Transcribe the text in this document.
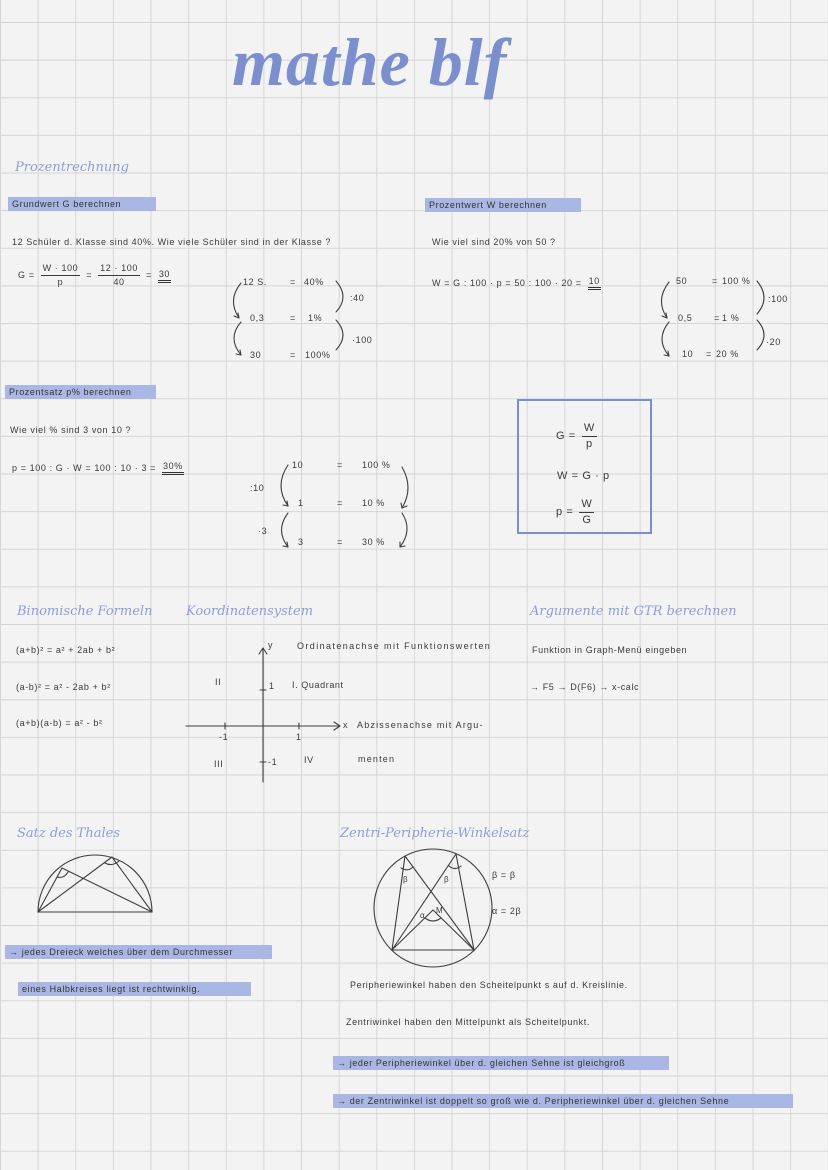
β	β
α
M
mathe blf
Prozentrechnung
Grundwert G berechnen
12 Schüler d. Klasse sind 40%. Wie viele Schüler sind in der Klasse ?
$G = \frac{W \cdot 100}{p} = \frac{12 \cdot 100}{40} = 30$
12 S.	= 40%
0,3	= 1%
30	= 100%
:40
·100
Prozentwert W berechnen
Wie viel sind 20% von 50 ?
W = G : 100 · p = 50 : 100 · 20 = 10	50	= 100 %
0,5 = 1 %
10 = 20 %
:100
·20
Prozentsatz p% berechnen
Wie viel % sind 3 von 10 ?
p = 100 : G · W = 100 : 10 · 3 = 30%	10	= 100 %
1	= 10 %
3	= 30 %
:10
·3
$G = \frac{W}{p}$
W = G · p
$p = \frac{W}{G}$
Binomische Formeln
(a+b)² = a² + 2ab + b²
(a-b)² = a² - 2ab + b²
(a+b)(a-b) = a² - b²
Koordinatensystem
y	Ordinatenachse mit Funktionswerten
II	1 I. Quadrant
x Abzissenachse mit Argu-
-1	1
III	-1	IV	menten
Argumente mit GTR berechnen
Funktion in Graph-Menü eingeben
→ F5 → D(F6) → x-calc
Satz des Thales
→ jedes Dreieck welches über dem Durchmesser
eines Halbkreises liegt ist rechtwinklig.
Zentri-Peripherie-Winkelsatz
β = β
α = 2β
Peripheriewinkel haben den Scheitelpunkt s auf d. Kreislinie.
Zentriwinkel haben den Mittelpunkt als Scheitelpunkt.
→ jeder Peripheriewinkel über d. gleichen Sehne ist gleichgroß
→ der Zentriwinkel ist doppelt so groß wie d. Peripheriewinkel über d. gleichen Sehne
